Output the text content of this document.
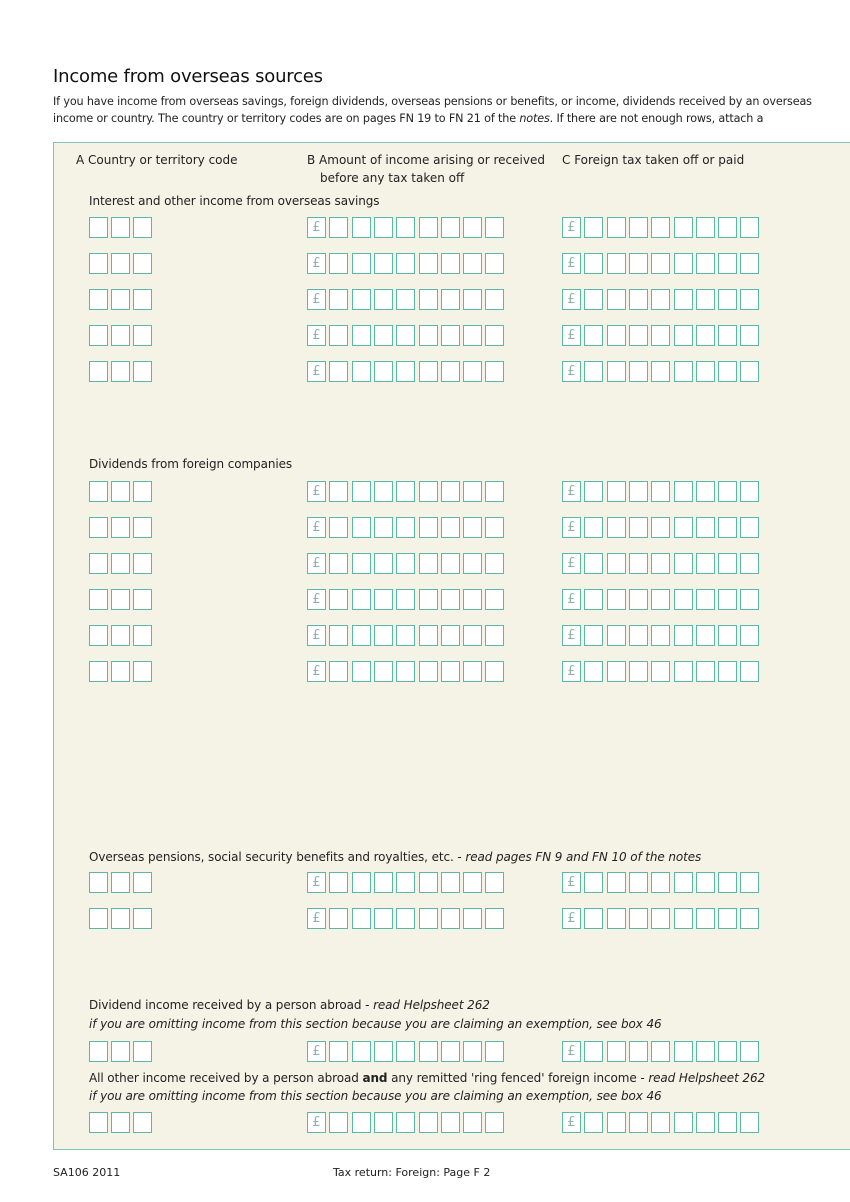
Income from overseas sources
If you have income from overseas savings, foreign dividends, overseas pensions or benefits, or income, dividends received by an overseas
income or country. The country or territory codes are on pages FN 19 to FN 21 of the notes. If there are not enough rows, attach a
A Country or territory code	B Amount of income arising or received
before any tax taken off
C Foreign tax taken off or paid
Interest and other income from overseas savings
£	£
£	£
£	£
£	£
£	£
Dividends from foreign companies
£	£
£	£
£	£
£	£
£	£
£	£
Overseas pensions, social security benefits and royalties, etc. - read pages FN 9 and FN 10 of the notes
£	£
£	£
Dividend income received by a person abroad - read Helpsheet 262
if you are omitting income from this section because you are claiming an exemption, see box 46
£	£
All other income received by a person abroad and any remitted 'ring fenced' foreign income - read Helpsheet 262
if you are omitting income from this section because you are claiming an exemption, see box 46
£	£
SA106 2011	Tax return: Foreign: Page F 2
